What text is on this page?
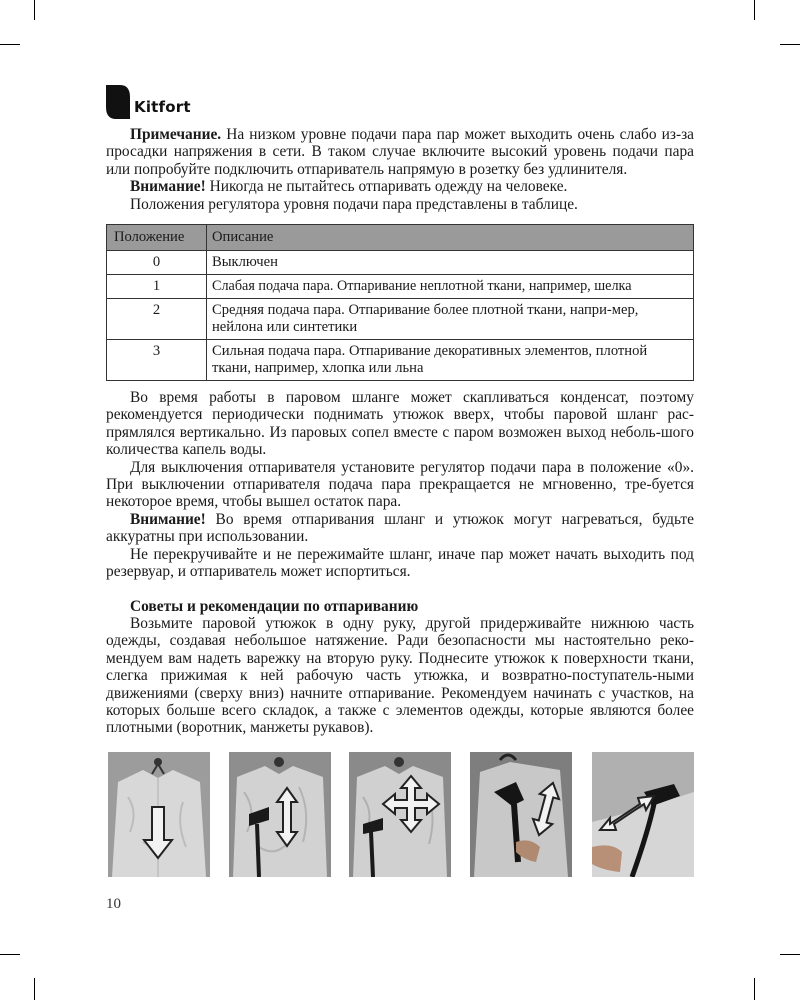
Kitfort

Примечание. На низком уровне подачи пара пар может выходить очень слабо из-за просадки напряжения в сети. В таком случае включите высокий уровень подачи пара или попробуйте подключить отпариватель напрямую в розетку без удлинителя.

Внимание! Никогда не пытайтесь отпаривать одежду на человеке.

Положения регулятора уровня подачи пара представлены в таблице.

Положение	Описание
0	Выключен
1	Слабая подача пара. Отпаривание неплотной ткани, например, шелка
2	Средняя подача пара. Отпаривание более плотной ткани, напри-мер, нейлона или синтетики
3	Сильная подача пара. Отпаривание декоративных элементов, плотной ткани, например, хлопка или льна

Во время работы в паровом шланге может скапливаться конденсат, поэтому рекомендуется периодически поднимать утюжок вверх, чтобы паровой шланг рас-прямлялся вертикально. Из паровых сопел вместе с паром возможен выход неболь-шого количества капель воды.

Для выключения отпаривателя установите регулятор подачи пара в положение «0». При выключении отпаривателя подача пара прекращается не мгновенно, тре-буется некоторое время, чтобы вышел остаток пара.

Внимание! Во время отпаривания шланг и утюжок могут нагреваться, будьте аккуратны при использовании.

Не перекручивайте и не пережимайте шланг, иначе пар может начать выходить под резервуар, и отпариватель может испортиться.

Советы и рекомендации по отпариванию

Возьмите паровой утюжок в одну руку, другой придерживайте нижнюю часть одежды, создавая небольшое натяжение. Ради безопасности мы настоятельно реко-мендуем вам надеть варежку на вторую руку. Поднесите утюжок к поверхности ткани, слегка прижимая к ней рабочую часть утюжка, и возвратно-поступатель-ными движениями (сверху вниз) начните отпаривание. Рекомендуем начинать с участков, на которых больше всего складок, а также с элементов одежды, которые являются более плотными (воротник, манжеты рукавов).

10
